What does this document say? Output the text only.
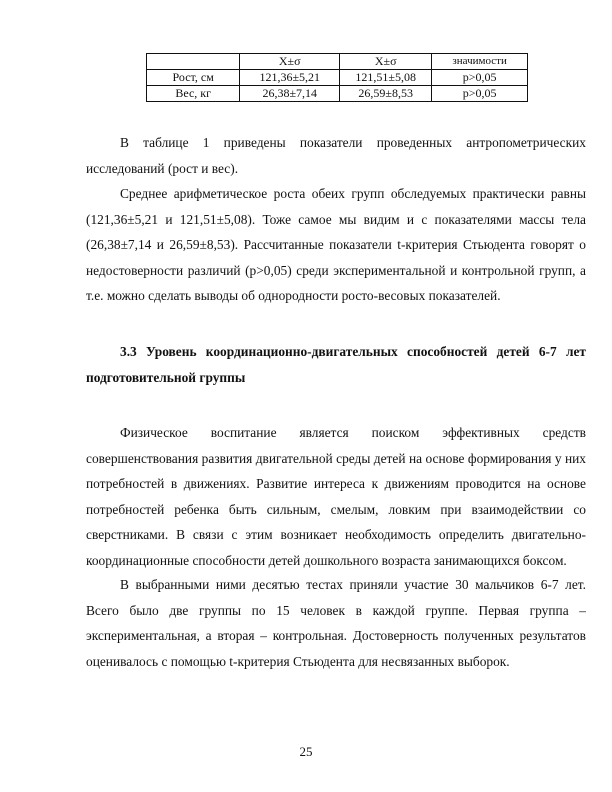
	X±σ	X±σ	значимости
Рост, см	121,36±5,21	121,51±5,08	p>0,05
Вес, кг	26,38±7,14	26,59±8,53	p>0,05

В таблице 1 приведены показатели проведенных антропометрических исследований (рост и вес).

Среднее арифметическое роста обеих групп обследуемых практически равны (121,36±5,21 и 121,51±5,08). Тоже самое мы видим и с показателями массы тела (26,38±7,14 и 26,59±8,53). Рассчитанные показатели t-критерия Стьюдента говорят о недостоверности различий (p>0,05) среди экспериментальной и контрольной групп, а т.е. можно сделать выводы об однородности росто-весовых показателей.

3.3 Уровень координационно-двигательных способностей детей 6-7 лет подготовительной группы

Физическое воспитание является поиском эффективных средств совершенствования развития двигательной среды детей на основе формирования у них потребностей в движениях. Развитие интереса к движениям проводится на основе потребностей ребенка быть сильным, смелым, ловким при взаимодействии со сверстниками. В связи с этим возникает необходимость определить двигательно-координационные способности детей дошкольного возраста занимающихся боксом.

В выбранными ними десятью тестах приняли участие 30 мальчиков 6-7 лет. Всего было две группы по 15 человек в каждой группе. Первая группа – экспериментальная, а вторая – контрольная. Достоверность полученных результатов оценивалось с помощью t-критерия Стьюдента для несвязанных выборок.

25
